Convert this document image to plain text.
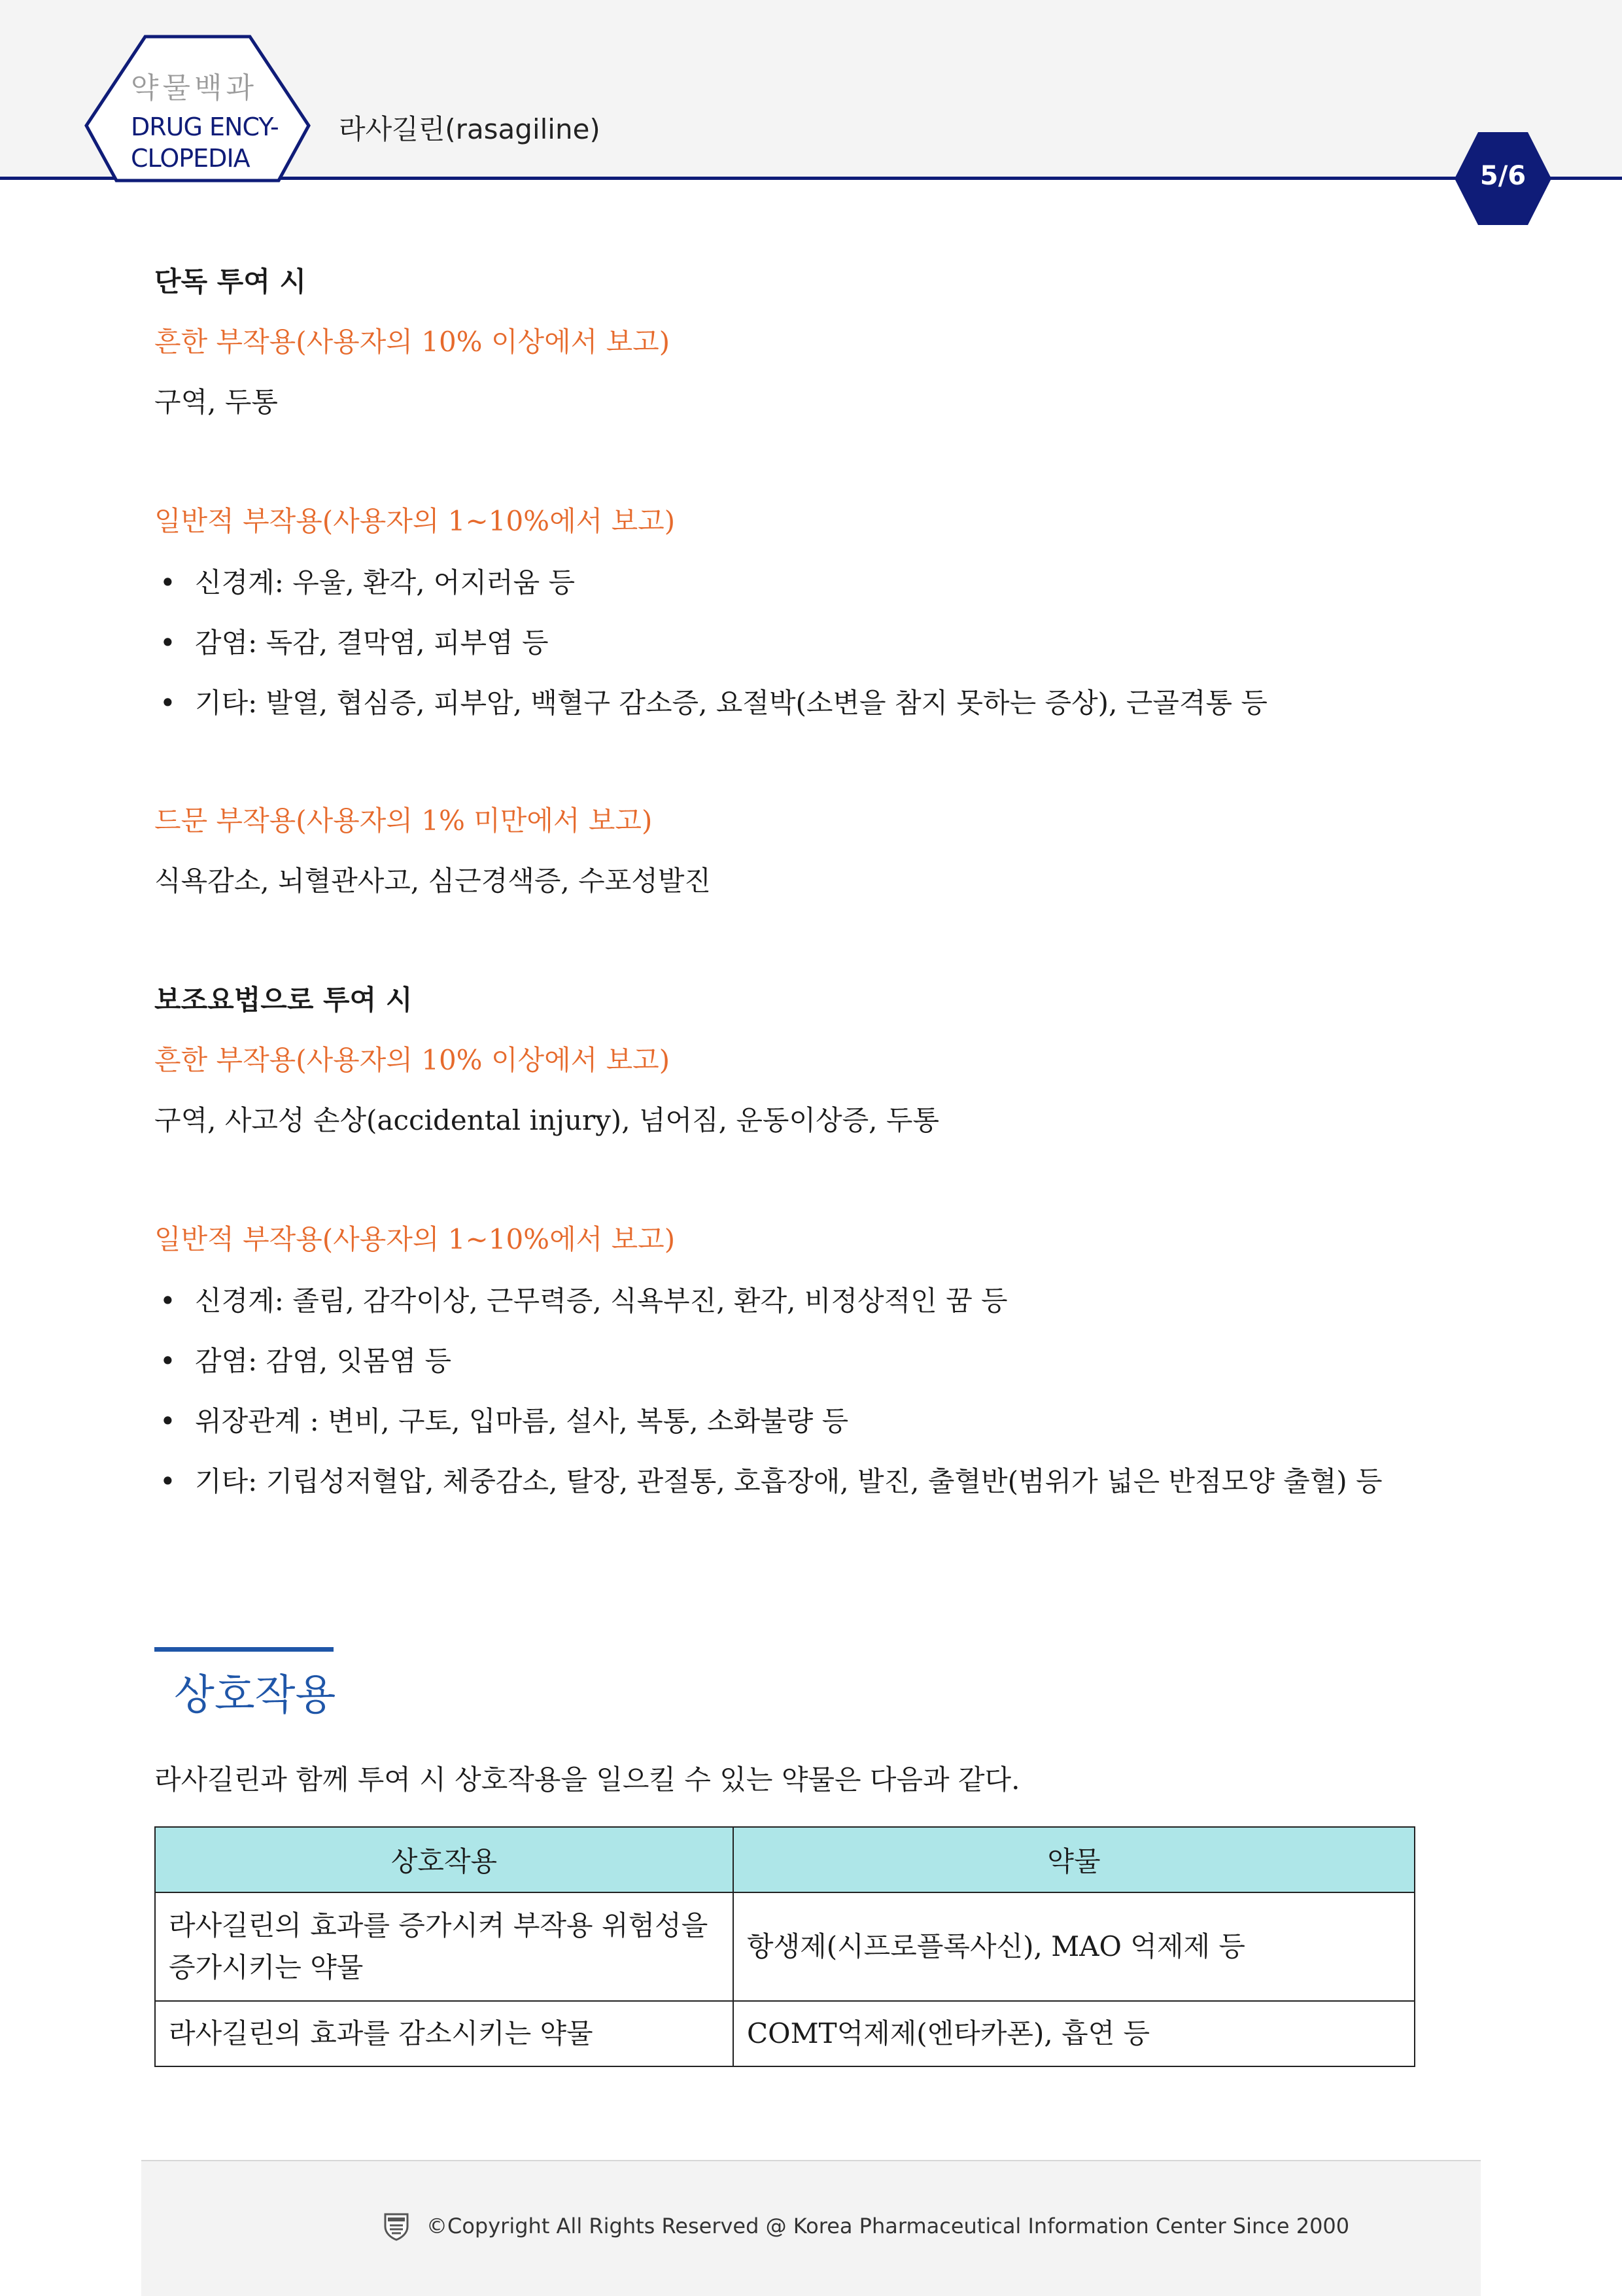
약물백과
DRUG ENCY-
CLOPEDIA
라사길린(rasagiline)
5/6
단독 투여 시
흔한 부작용(사용자의 10% 이상에서 보고)
구역, 두통
일반적 부작용(사용자의 1~10%에서 보고)
• 신경계: 우울, 환각, 어지러움 등
• 감염: 독감, 결막염, 피부염 등
• 기타: 발열, 협심증, 피부암, 백혈구 감소증, 요절박(소변을 참지 못하는 증상), 근골격통 등
드문 부작용(사용자의 1% 미만에서 보고)
식욕감소, 뇌혈관사고, 심근경색증, 수포성발진
보조요법으로 투여 시
흔한 부작용(사용자의 10% 이상에서 보고)
구역, 사고성 손상(accidental injury), 넘어짐, 운동이상증, 두통
일반적 부작용(사용자의 1~10%에서 보고)
• 신경계: 졸림, 감각이상, 근무력증, 식욕부진, 환각, 비정상적인 꿈 등
• 감염: 감염, 잇몸염 등
• 위장관계 : 변비, 구토, 입마름, 설사, 복통, 소화불량 등
• 기타: 기립성저혈압, 체중감소, 탈장, 관절통, 호흡장애, 발진, 출혈반(범위가 넓은 반점모양 출혈) 등
상호작용
라사길린과 함께 투여 시 상호작용을 일으킬 수 있는 약물은 다음과 같다.
상호작용	약물
라사길린의 효과를 증가시켜 부작용 위험성을 증가시키는 약물	항생제(시프로플록사신), MAO 억제제 등
라사길린의 효과를 감소시키는 약물	COMT억제제(엔타카폰), 흡연 등
©Copyright All Rights Reserved @ Korea Pharmaceutical Information Center Since 2000
